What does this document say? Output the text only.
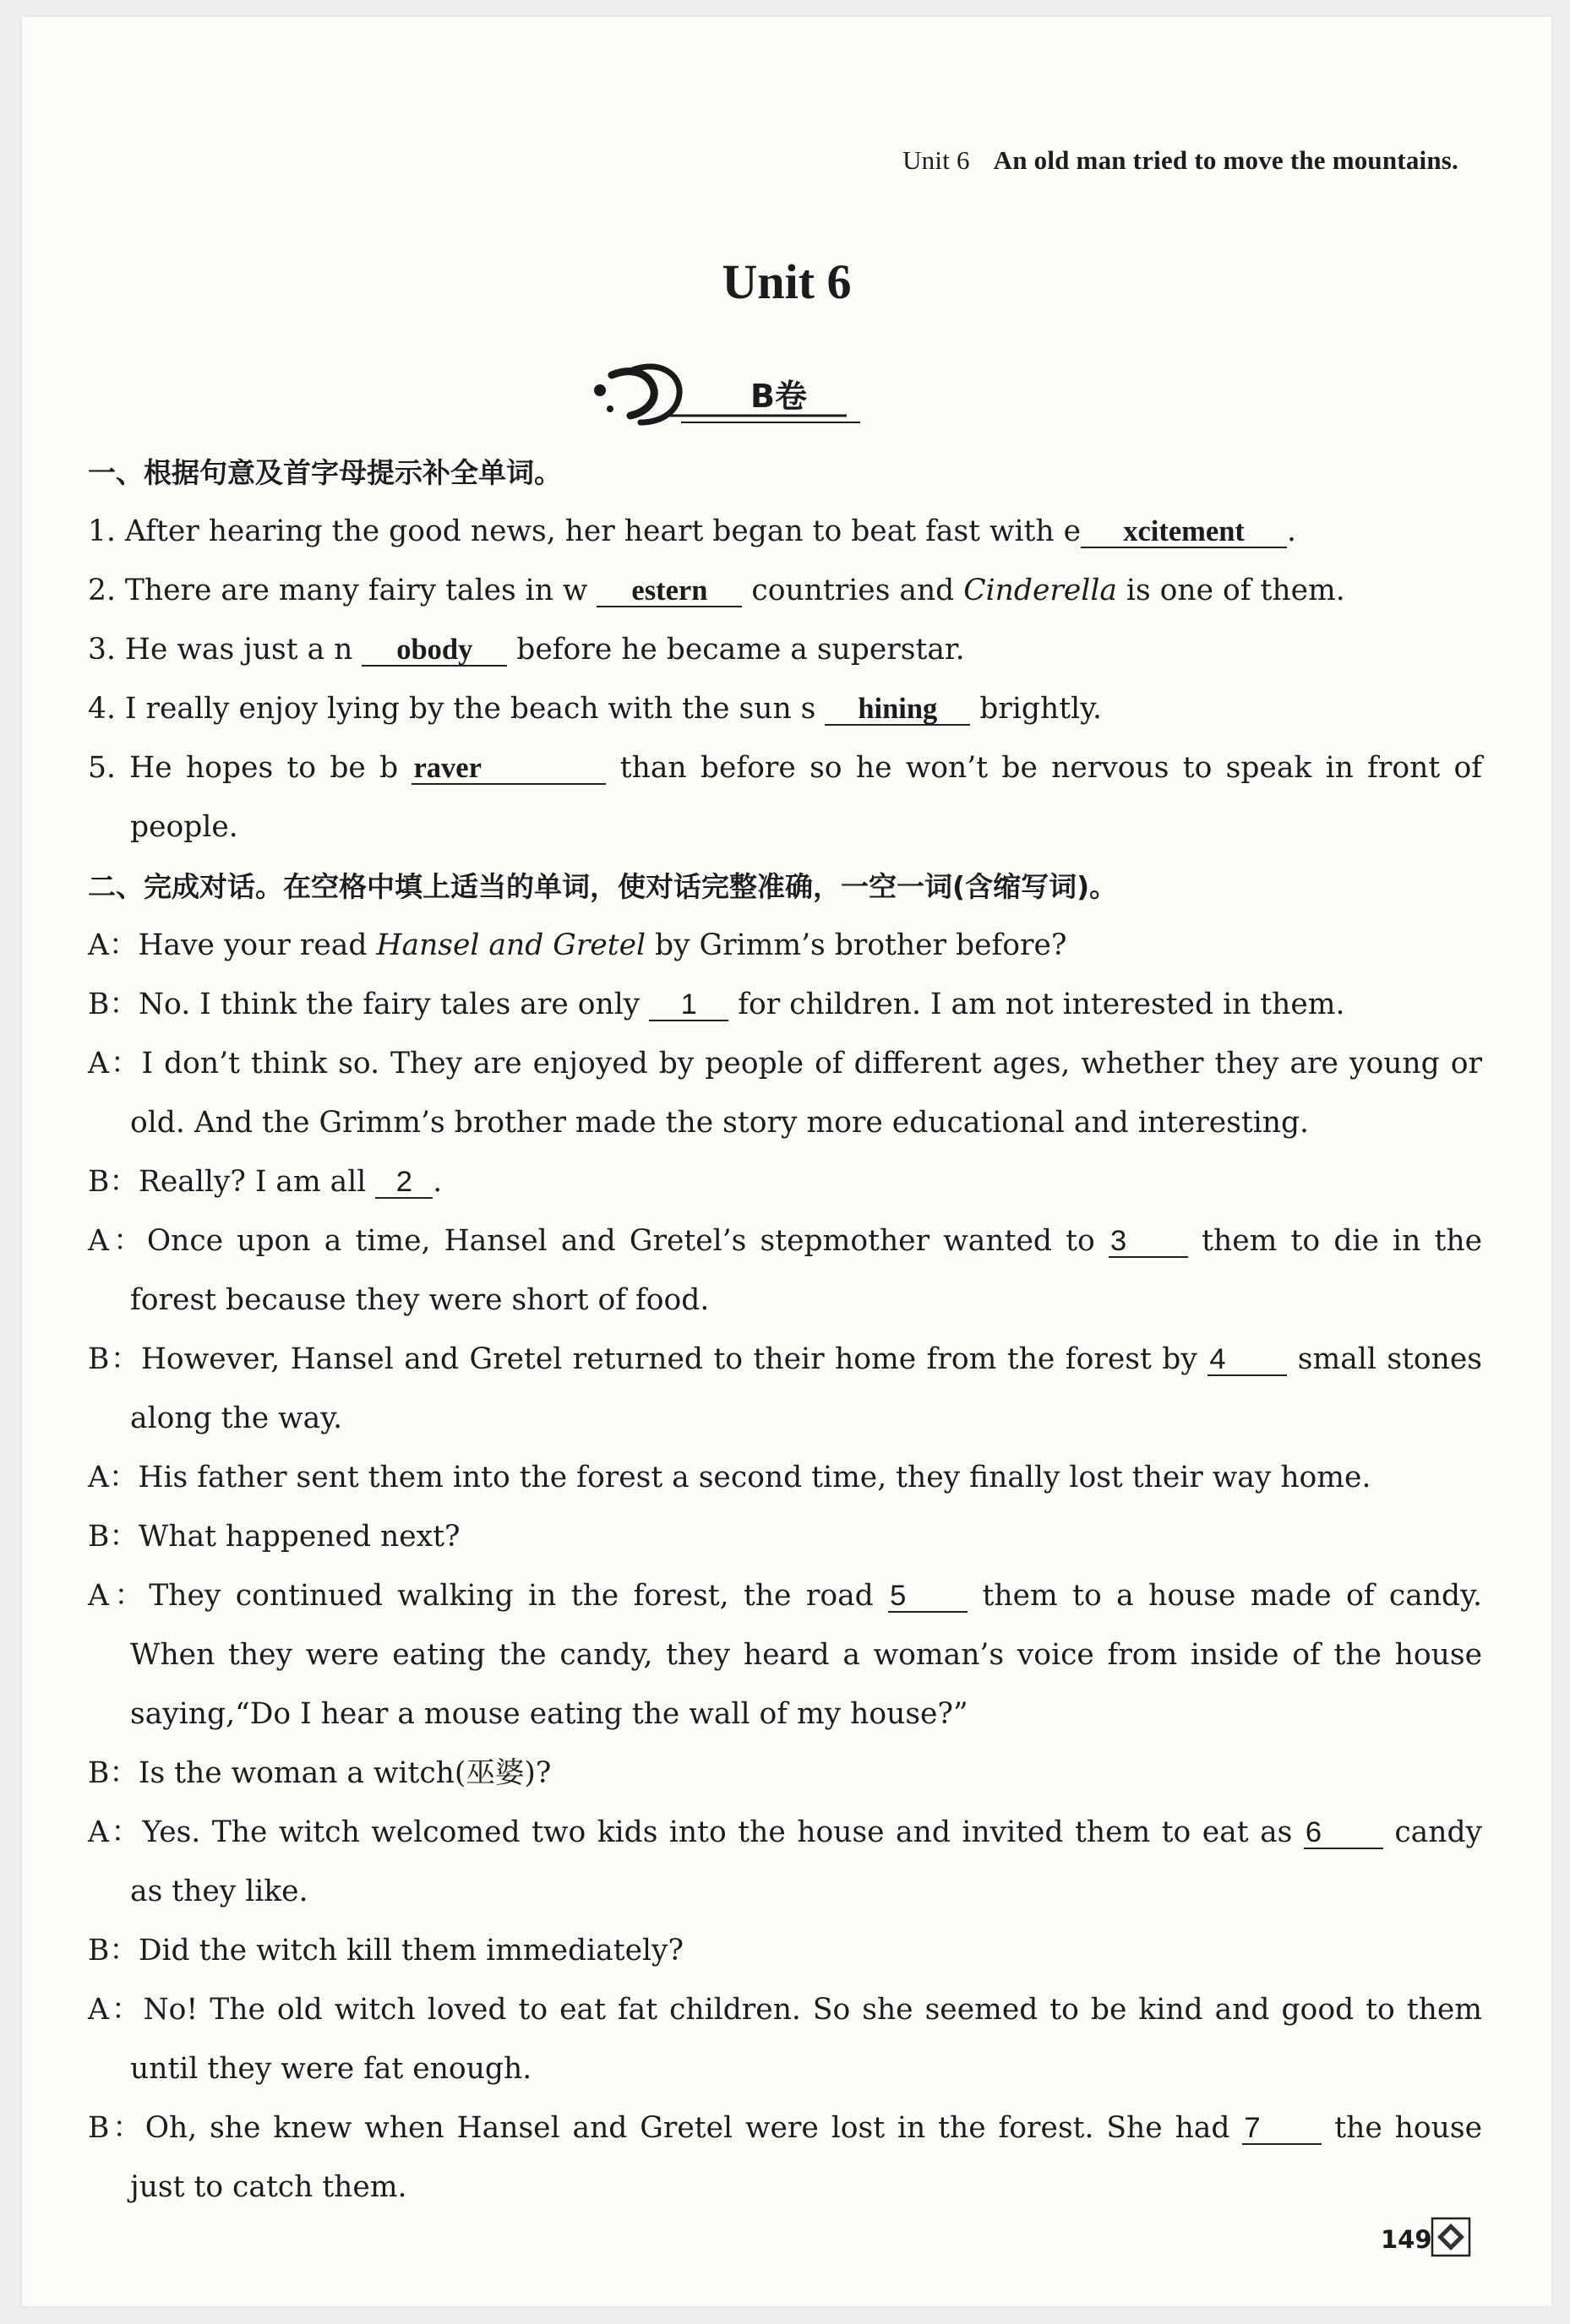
Unit 6 An old man tried to move the mountains.
Unit 6
B卷
一、根据句意及首字母提示补全单词。
1. After hearing the good news, her heart began to beat fast with e xcitement .
2. There are many fairy tales in w estern countries and Cinderella is one of them.
3. He was just a n obody before he became a superstar.
4. I really enjoy lying by the beach with the sun s hining brightly.
5. He hopes to be b raver	than before so he won’t be nervous to speak in front of
people.
二、完成对话。在空格中填上适当的单词，使对话完整准确，一空一词(含缩写词)。
A：Have your read Hansel and Gretel by Grimm’s brother before?
B：No. I think the fairy tales are only 1 for children. I am not interested in them.
A：I don’t think so. They are enjoyed by people of different ages, whether they are young or
old. And the Grimm’s brother made the story more educational and interesting.
B：Really? I am all 2 .
A：Once upon a time, Hansel and Gretel’s stepmother wanted to 3	them to die in the
forest because they were short of food.
B：However, Hansel and Gretel returned to their home from the forest by 4 small stones
along the way.
A：His father sent them into the forest a second time, they finally lost their way home.
B：What happened next?
A：They continued walking in the forest, the road 5	them to a house made of candy.
When they were eating the candy, they heard a woman’s voice from inside of the house
saying,“Do I hear a mouse eating the wall of my house?”
B：Is the woman a witch(巫婆)?
A：Yes. The witch welcomed two kids into the house and invited them to eat as 6	candy
as they like.
B：Did the witch kill them immediately?
A：No! The old witch loved to eat fat children. So she seemed to be kind and good to them
until they were fat enough.
B：Oh, she knew when Hansel and Gretel were lost in the forest. She had 7	the house
just to catch them.
149
